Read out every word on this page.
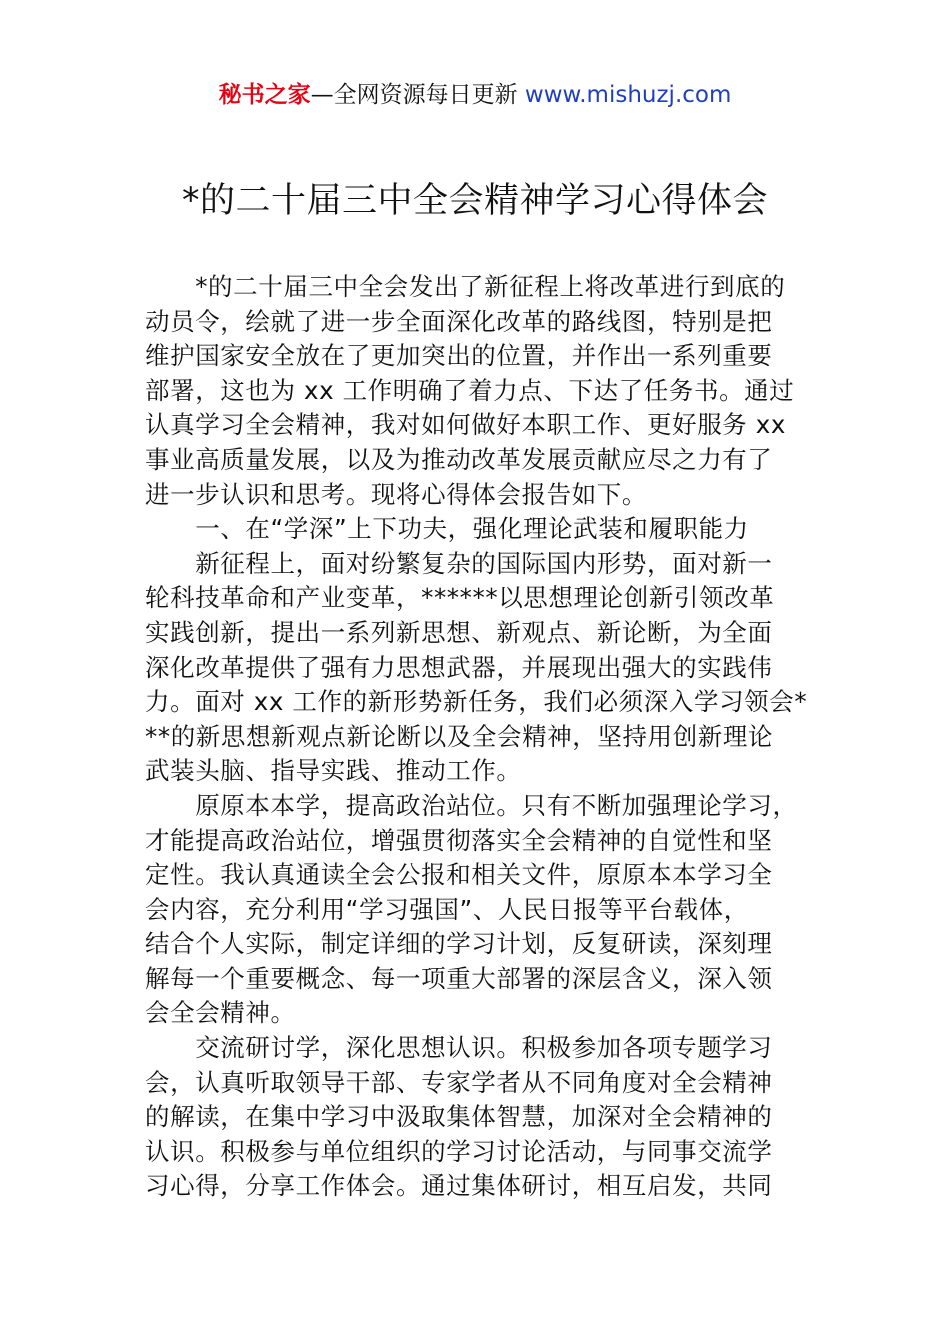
秘书之家—全网资源每日更新 www.mishuzj.com
*的二十届三中全会精神学习心得体会
　　*的二十届三中全会发出了新征程上将改革进行到底的
动员令，绘就了进一步全面深化改革的路线图，特别是把
维护国家安全放在了更加突出的位置，并作出一系列重要
部署，这也为 xx 工作明确了着力点、下达了任务书。通过
认真学习全会精神，我对如何做好本职工作、更好服务 xx
事业高质量发展，以及为推动改革发展贡献应尽之力有了
进一步认识和思考。现将心得体会报告如下。
　　一、在“学深”上下功夫，强化理论武装和履职能力
　　新征程上，面对纷繁复杂的国际国内形势，面对新一
轮科技革命和产业变革，******以思想理论创新引领改革
实践创新，提出一系列新思想、新观点、新论断，为全面
深化改革提供了强有力思想武器，并展现出强大的实践伟
力。面对 xx 工作的新形势新任务，我们必须深入学习领会*
**的新思想新观点新论断以及全会精神，坚持用创新理论
武装头脑、指导实践、推动工作。
　　原原本本学，提高政治站位。只有不断加强理论学习，
才能提高政治站位，增强贯彻落实全会精神的自觉性和坚
定性。我认真通读全会公报和相关文件，原原本本学习全
会内容，充分利用“学习强国”、人民日报等平台载体，
结合个人实际，制定详细的学习计划，反复研读，深刻理
解每一个重要概念、每一项重大部署的深层含义，深入领
会全会精神。
　　交流研讨学，深化思想认识。积极参加各项专题学习
会，认真听取领导干部、专家学者从不同角度对全会精神
的解读，在集中学习中汲取集体智慧，加深对全会精神的
认识。积极参与单位组织的学习讨论活动，与同事交流学
习心得，分享工作体会。通过集体研讨，相互启发，共同
